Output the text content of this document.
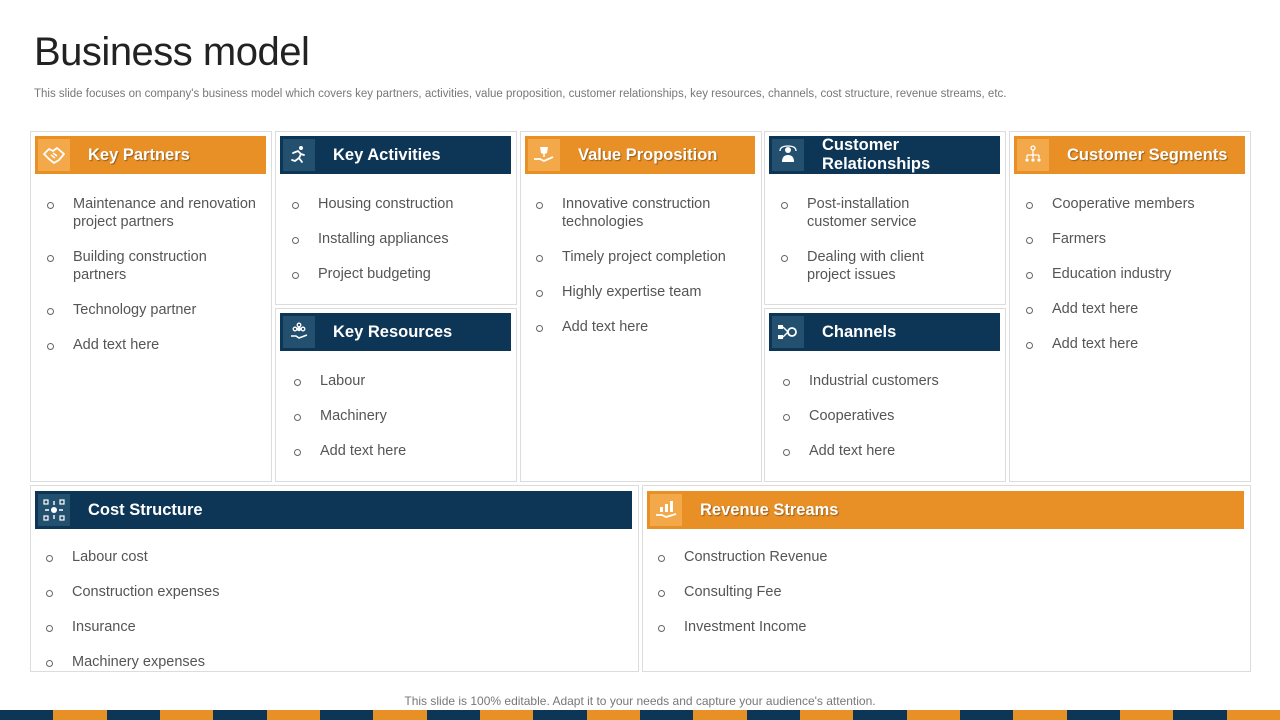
Business model
This slide focuses on company's business model which covers key partners, activities, value proposition, customer relationships, key resources, channels, cost structure, revenue streams, etc.
Key Partners
Maintenance and renovation project partners
Building construction partners
Technology partner
Add text here
Key Activities
Housing construction
Installing appliances
Project budgeting
Key Resources
Labour
Machinery
Add text here
Value Proposition
Innovative construction technologies
Timely project completion
Highly expertise team
Add text here
Customer Relationships
Post-installation customer service
Dealing with client project issues
Channels
Industrial customers
Cooperatives
Add text here
Customer Segments
Cooperative members
Farmers
Education industry
Add text here
Add text here
Cost Structure
Labour cost
Construction expenses
Insurance
Machinery expenses
Revenue Streams
Construction Revenue
Consulting Fee
Investment Income
This slide is 100% editable. Adapt it to your needs and capture your audience's attention.
